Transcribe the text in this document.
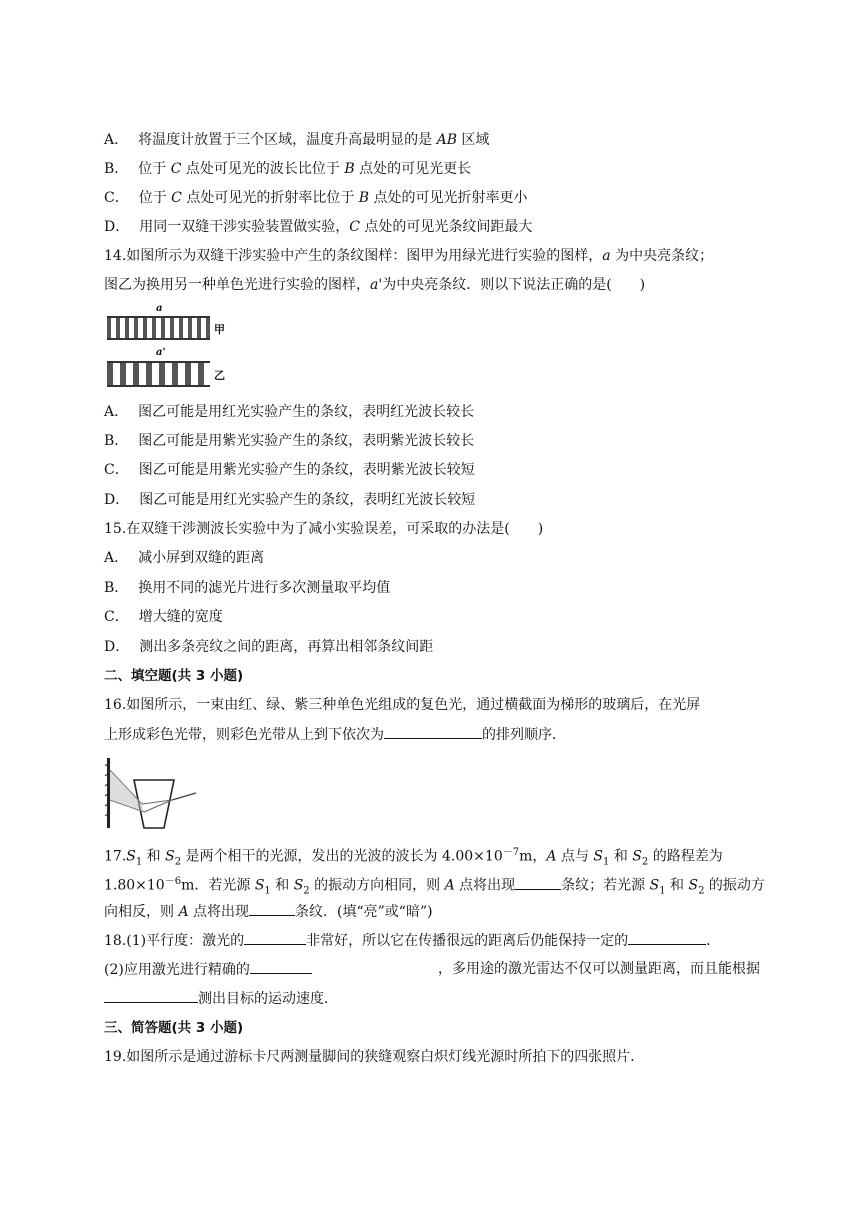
A． 将温度计放置于三个区域，温度升高最明显的是 AB 区域
B． 位于 C 点处可见光的波长比位于 B 点处的可见光更长
C． 位于 C 点处可见光的折射率比位于 B 点处的可见光折射率更小
D． 用同一双缝干涉实验装置做实验，C 点处的可见光条纹间距最大
14.如图所示为双缝干涉实验中产生的条纹图样：图甲为用绿光进行实验的图样，a 为中央亮条纹；
图乙为换用另一种单色光进行实验的图样，a'为中央亮条纹．则以下说法正确的是(　　)
a
a'
甲
乙
A． 图乙可能是用红光实验产生的条纹，表明红光波长较长
B． 图乙可能是用紫光实验产生的条纹，表明紫光波长较长
C． 图乙可能是用紫光实验产生的条纹，表明紫光波长较短
D． 图乙可能是用红光实验产生的条纹，表明红光波长较短
15.在双缝干涉测波长实验中为了减小实验误差，可采取的办法是(　　)
A． 减小屏到双缝的距离
B． 换用不同的滤光片进行多次测量取平均值
C． 增大缝的宽度
D． 测出多条亮纹之间的距离，再算出相邻条纹间距
二、填空题(共 3 小题)
16.如图所示，一束由红、绿、紫三种单色光组成的复色光，通过横截面为梯形的玻璃后，在光屏
上形成彩色光带，则彩色光带从上到下依次为	的排列顺序．
$17.S_1$ 和 $S_2$ 是两个相干的光源，发出的光波的波长为 $4.00\times 10^{-7}m$，A 点与 $S_1$ 和 $S_2$ 的路程差为
$1.80\times 10^{-6}m$．若光源 $S_1$ 和 $S_2$ 的振动方向相同，则 A 点将出现	条纹；若光源 $S_1$ 和 $S_2$ 的振动方
向相反，则 A 点将出现	条纹．(填“亮”或“暗”)
18.(1)平行度：激光的	非常好，所以它在传播很远的距离后仍能保持一定的	．
(2)应用激光进行精确的	，多用途的激光雷达不仅可以测量距离，而且能根据
测出目标的运动速度．
三、简答题(共 3 小题)
19.如图所示是通过游标卡尺两测量脚间的狭缝观察白炽灯线光源时所拍下的四张照片．
